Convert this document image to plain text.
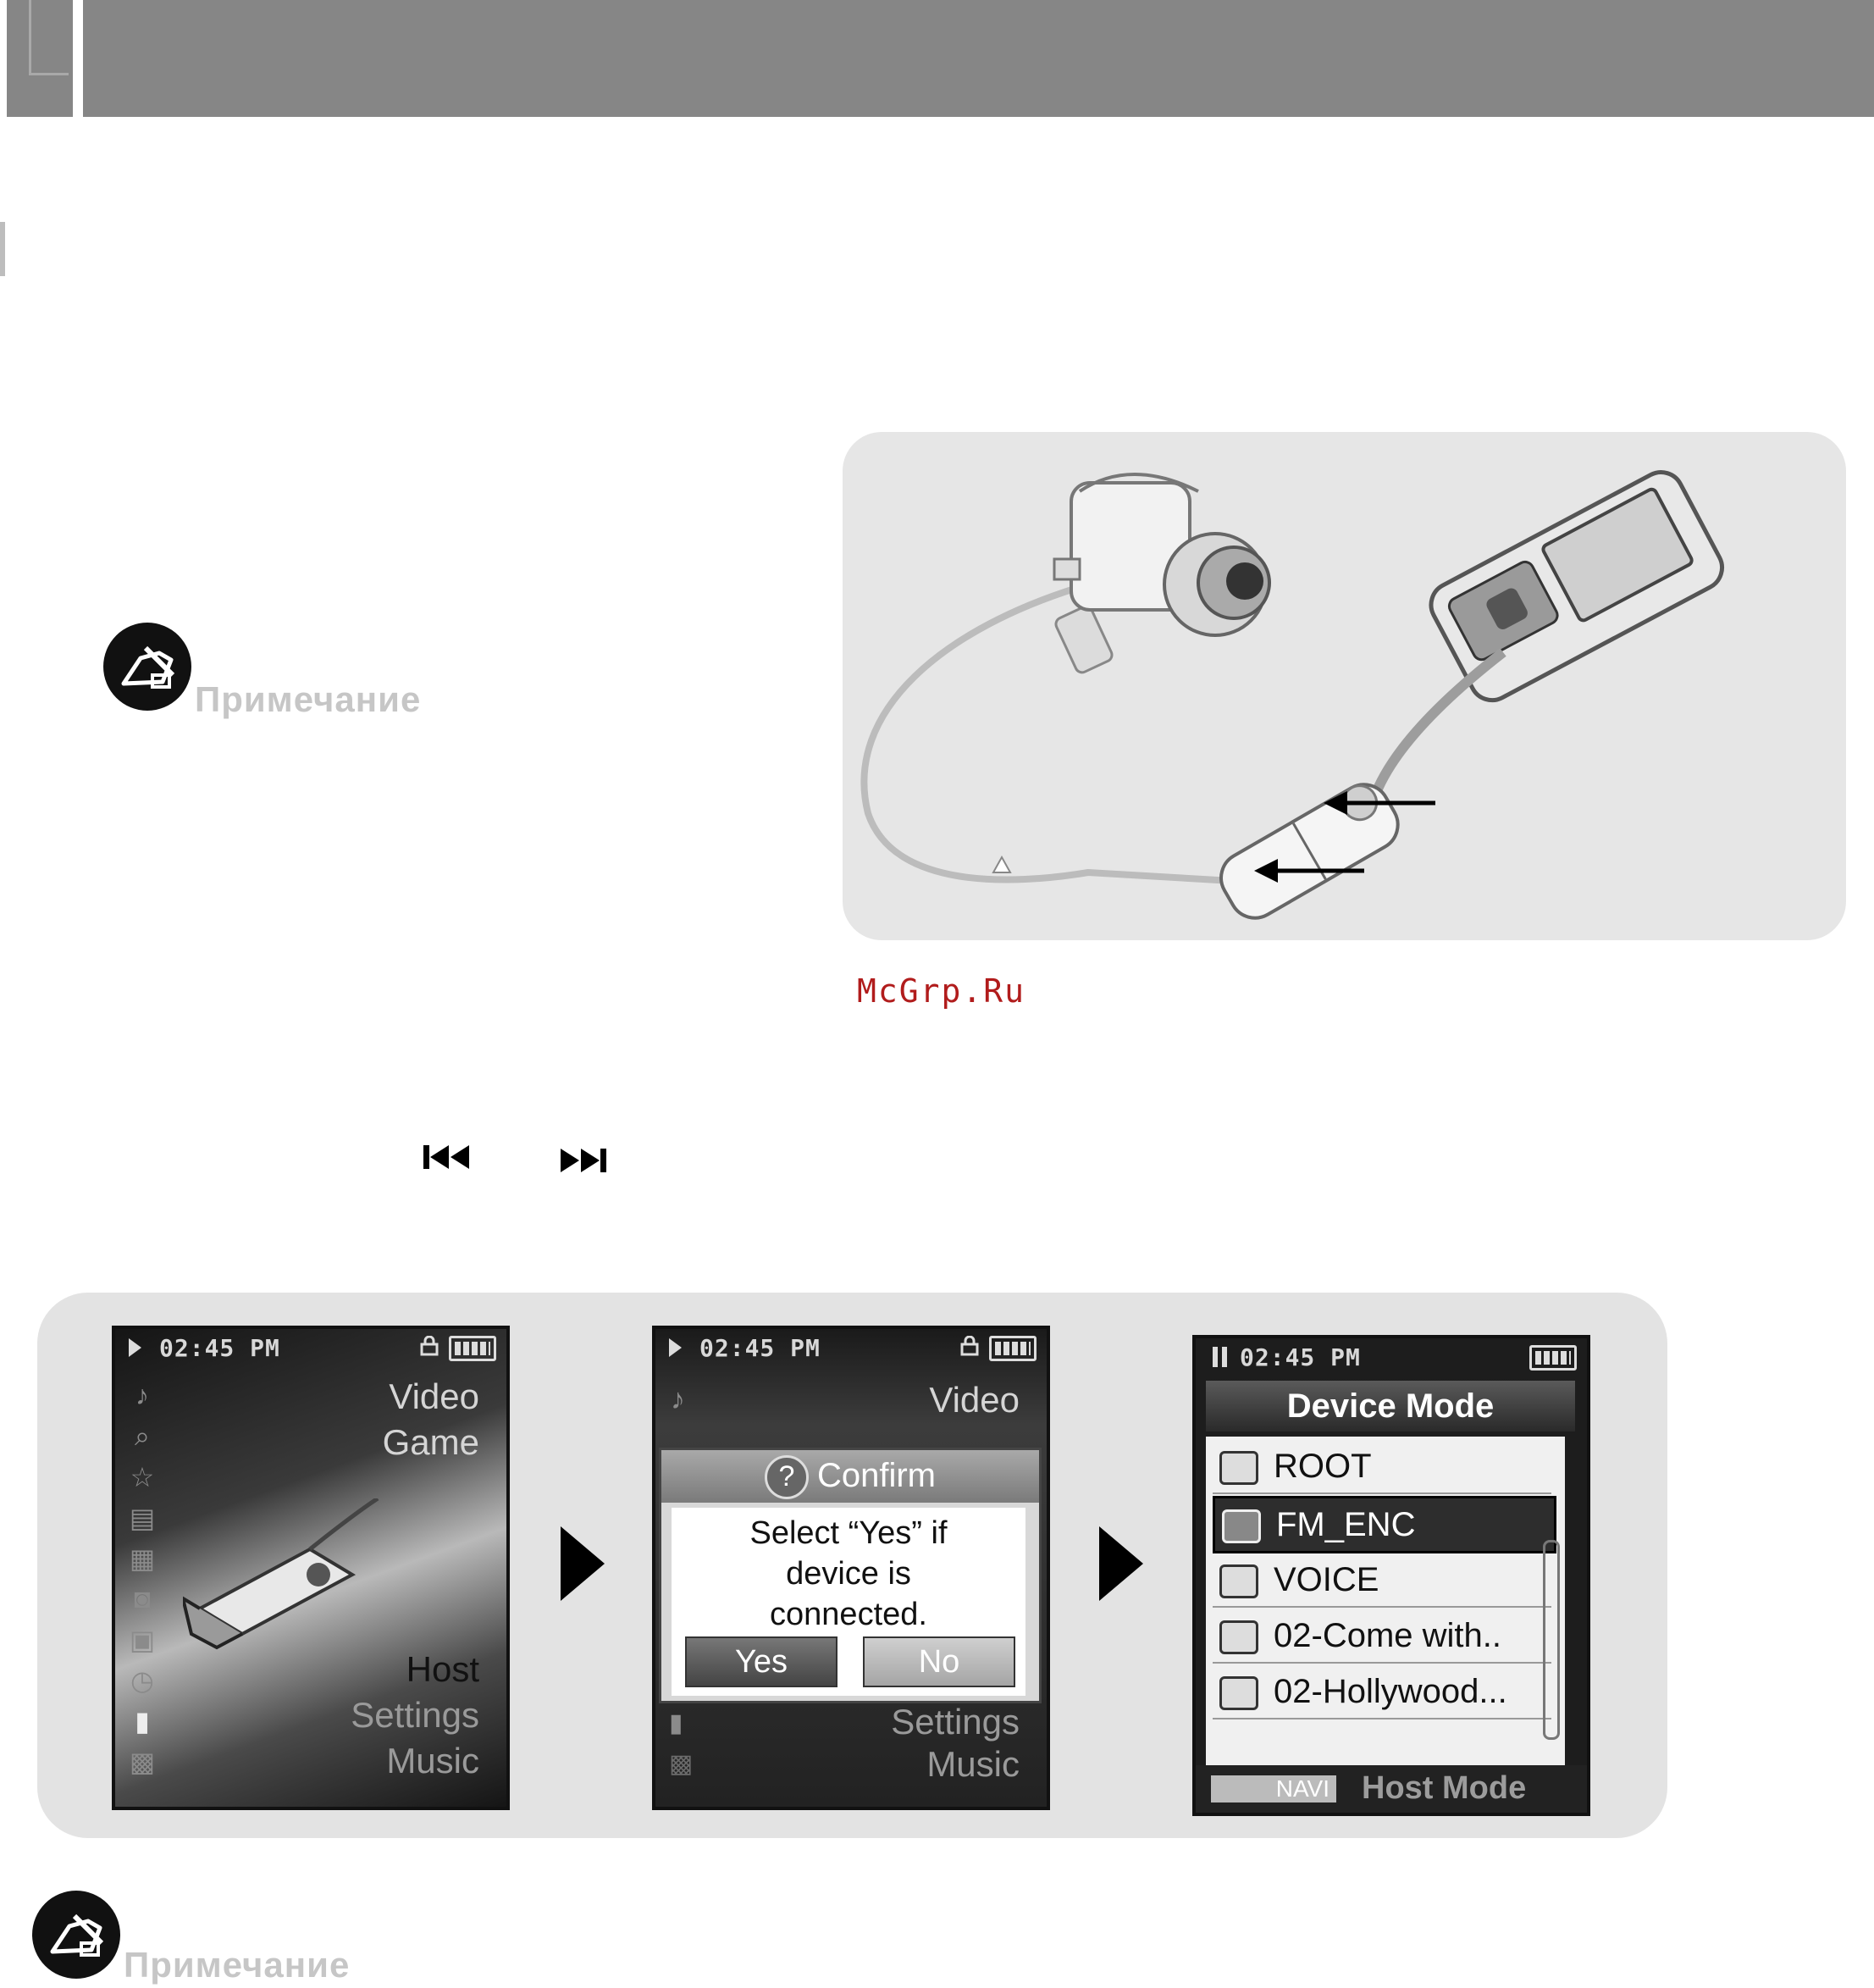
Примечание
McGrp.Ru
02:45 PM
♪
⌕
☆
▤
▦
◙
▣
◷
▮
▩
Video
Game
Host
Settings
Music
02:45 PM
♪	Video
? Confirm
Select “Yes” if
device is
connected.
Yes	No
▮
▩
Settings
Music
02:45 PM
Device Mode
ROOT
FM_ENC
VOICE
02-Come with..
02-Hollywood...
NAVI Host Mode
Примечание
